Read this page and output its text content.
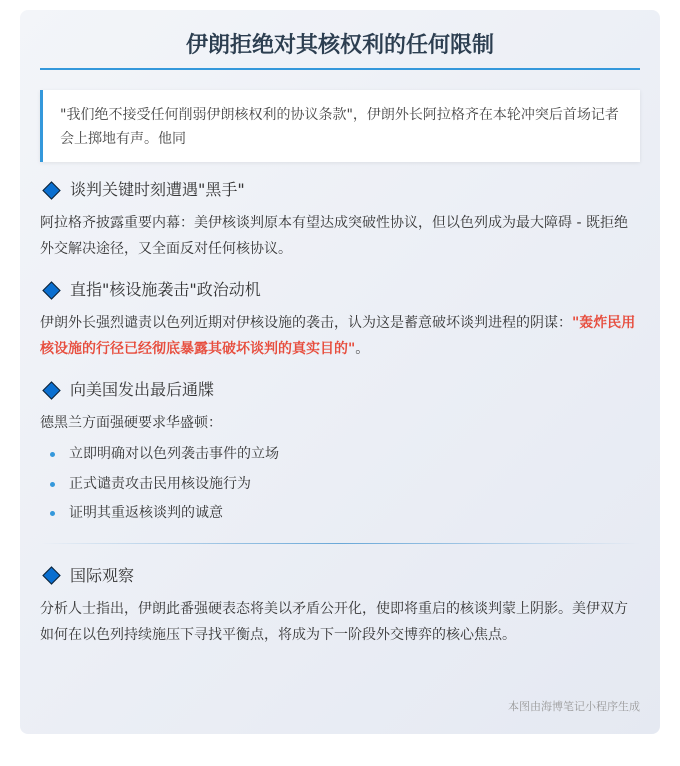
伊朗拒绝对其核权利的任何限制
"我们绝不接受任何削弱伊朗核权利的协议条款"，伊朗外长阿拉格齐在本轮冲突后首场记者会上掷地有声。他同
谈判关键时刻遭遇"黑手"
阿拉格齐披露重要内幕：美伊核谈判原本有望达成突破性协议，但以色列成为最大障碍 - 既拒绝外交解决途径，又全面反对任何核协议。
直指"核设施袭击"政治动机
伊朗外长强烈谴责以色列近期对伊核设施的袭击，认为这是蓄意破坏谈判进程的阴谋："轰炸民用核设施的行径已经彻底暴露其破坏谈判的真实目的"。
向美国发出最后通牒
德黑兰方面强硬要求华盛顿：
立即明确对以色列袭击事件的立场
正式谴责攻击民用核设施行为
证明其重返核谈判的诚意
国际观察
分析人士指出，伊朗此番强硬表态将美以矛盾公开化，使即将重启的核谈判蒙上阴影。美伊双方如何在以色列持续施压下寻找平衡点，将成为下一阶段外交博弈的核心焦点。
本图由海博笔记小程序生成
